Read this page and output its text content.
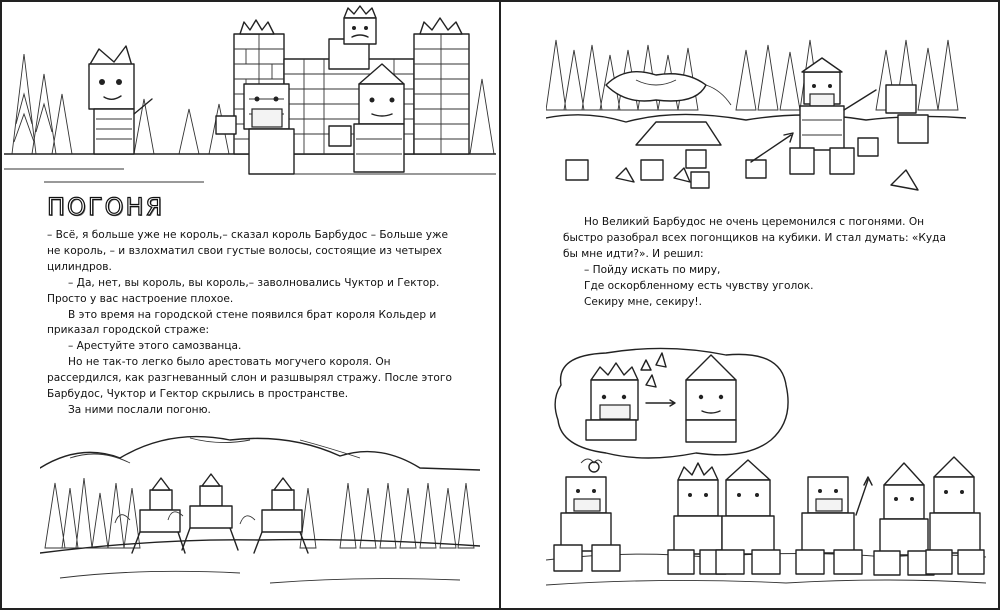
ПОГОНЯ

– Всё, я больше уже не король,– сказал король Барбудос – Больше уже не король, – и взлохматил свои густые волосы, состоящие из четырех цилиндров.

– Да, нет, вы король, вы король,– заволновались Чуктор и Гектор. Просто у вас настроение плохое.

В это время на городской стене появился брат короля Кольдер и приказал городской страже:

– Арестуйте этого самозванца.

Но не так-то легко было арестовать могучего короля. Он рассердился, как разгневанный слон и разшвырял стражу. После этого Барбудос, Чуктор и Гектор скрылись в пространстве.

За ними послали погоню.

Но Великий Барбудос не очень церемонился с погонями. Он быстро разобрал всех погонщиков на кубики. И стал думать: «Куда бы мне идти?». И решил:

– Пойду искать по миру,

Где оскорбленному есть чувству уголок.

Секиру мне, секиру!.
